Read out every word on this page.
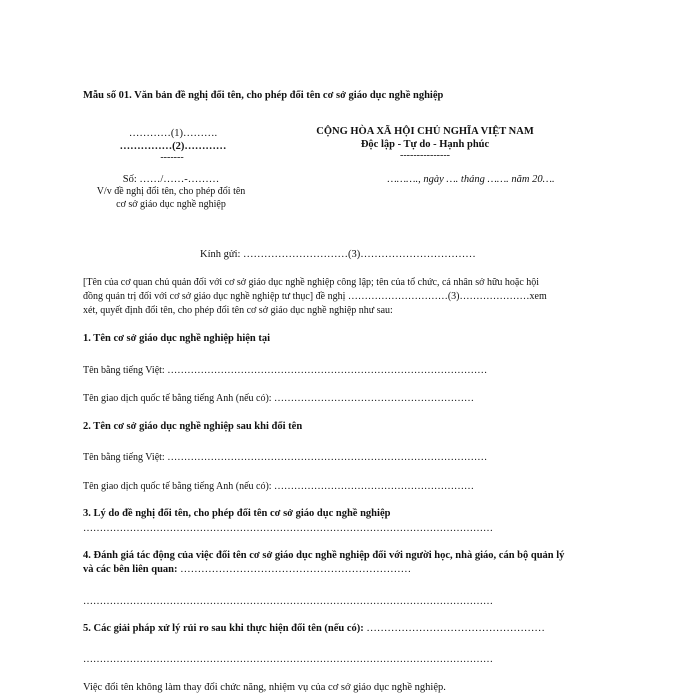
Mẫu số 01. Văn bản đề nghị đổi tên, cho phép đổi tên cơ sở giáo dục nghề nghiệp
…………(1)……….
……………(2)…………
-------
Số: ……/……-………
V/v đề nghị đổi tên, cho phép đổi tên
cơ sở giáo dục nghề nghiệp
CỘNG HÒA XÃ HỘI CHỦ NGHĨA VIỆT NAM
Độc lập - Tự do - Hạnh phúc
---------------
………., ngày …. tháng ……. năm 20….
Kính gửi: …………………………(3)……………………………
[Tên của cơ quan chủ quản đối với cơ sở giáo dục nghề nghiệp công lập; tên của tổ chức, cá nhân sở hữu hoặc hội
đồng quản trị đối với cơ sở giáo dục nghề nghiệp tư thục] đề nghị …………………………(3)…………………xem
xét, quyết định đổi tên, cho phép đổi tên cơ sở giáo dục nghề nghiệp như sau:
1. Tên cơ sở giáo dục nghề nghiệp hiện tại
Tên bằng tiếng Việt: ……………………………………………………………………………………
Tên giao dịch quốc tế bằng tiếng Anh (nếu có): ……………………………………………………
2. Tên cơ sở giáo dục nghề nghiệp sau khi đổi tên
Tên bằng tiếng Việt: ……………………………………………………………………………………
Tên giao dịch quốc tế bằng tiếng Anh (nếu có): ……………………………………………………
3. Lý do đề nghị đổi tên, cho phép đổi tên cơ sở giáo dục nghề nghiệp
……………………………………………………………………………………………………………
4. Đánh giá tác động của việc đổi tên cơ sở giáo dục nghề nghiệp đối với người học, nhà giáo, cán bộ quản lý
và các bên liên quan: …………………………………………………………
……………………………………………………………………………………………………………
5. Các giải pháp xử lý rủi ro sau khi thực hiện đổi tên (nếu có): ……………………………………………
……………………………………………………………………………………………………………
Việc đổi tên không làm thay đổi chức năng, nhiệm vụ của cơ sở giáo dục nghề nghiệp.
